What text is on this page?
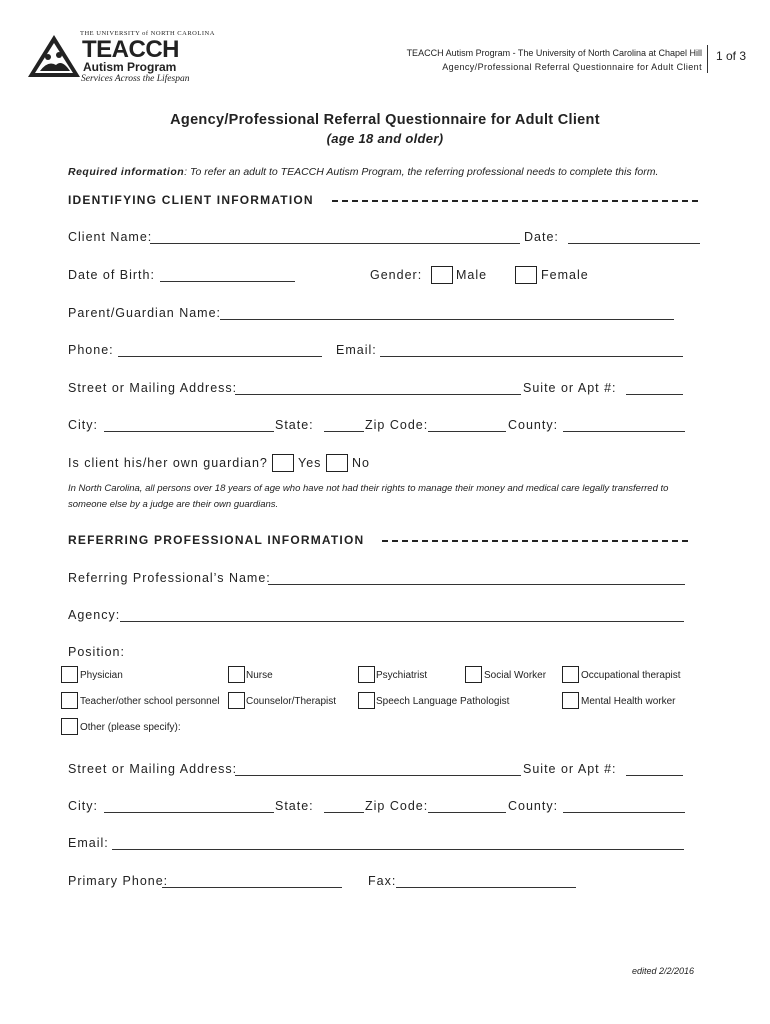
THE UNIVERSITY of NORTH CAROLINA
TEACCH
Autism Program
Services Across the Lifespan
TEACCH Autism Program - The University of North Carolina at Chapel Hill
Agency/Professional Referral Questionnaire for Adult Client
1 of 3
Agency/Professional Referral Questionnaire for Adult Client
(age 18 and older)
Required information: To refer an adult to TEACCH Autism Program, the referring professional needs to complete this form.
IDENTIFYING CLIENT INFORMATION
Client Name:	Date:
Date of Birth:	Gender:	Male	Female
Parent/Guardian Name:
Phone:	Email:
Street or Mailing Address:	Suite or Apt #:
City:	State:	Zip Code:	County:
Is client his/her own guardian? Yes No
In North Carolina, all persons over 18 years of age who have not had their rights to manage their money and medical care legally transferred to someone else by a judge are their own guardians.
REFERRING PROFESSIONAL INFORMATION
Referring Professional’s Name:
Agency:
Position:
Physician	Nurse	Psychiatrist	Social Worker	Occupational therapist
Teacher/other school personnel	Counselor/Therapist	Speech Language Pathologist	Mental Health worker
Other (please specify):
Street or Mailing Address:	Suite or Apt #:
City:	State:	Zip Code:	County:
Email:
Primary Phone:	Fax:
edited 2/2/2016
